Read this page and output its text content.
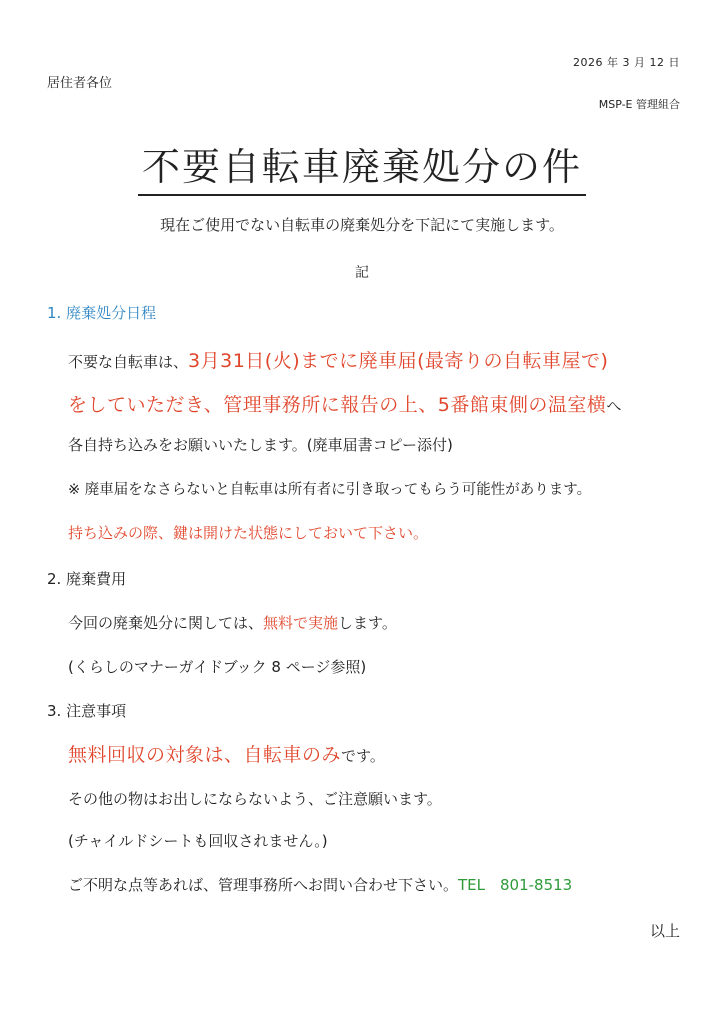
2026 年 3 月 12 日
居住者各位
MSP-E 管理組合
不要自転車廃棄処分の件
現在ご使用でない自転車の廃棄処分を下記にて実施します。
記
1. 廃棄処分日程
不要な自転車は、3月31日(火)までに廃車届(最寄りの自転車屋で)
をしていただき、管理事務所に報告の上、5番館東側の温室横へ
各自持ち込みをお願いいたします。(廃車届書コピー添付)
※ 廃車届をなさらないと自転車は所有者に引き取ってもらう可能性があります。
持ち込みの際、鍵は開けた状態にしておいて下さい。
2. 廃棄費用
今回の廃棄処分に関しては、無料で実施します。
(くらしのマナーガイドブック 8 ページ参照)
3. 注意事項
無料回収の対象は、自転車のみです。
その他の物はお出しにならないよう、ご注意願います。
(チャイルドシートも回収されません。)
ご不明な点等あれば、管理事務所へお問い合わせ下さい。TEL　801-8513
以上
